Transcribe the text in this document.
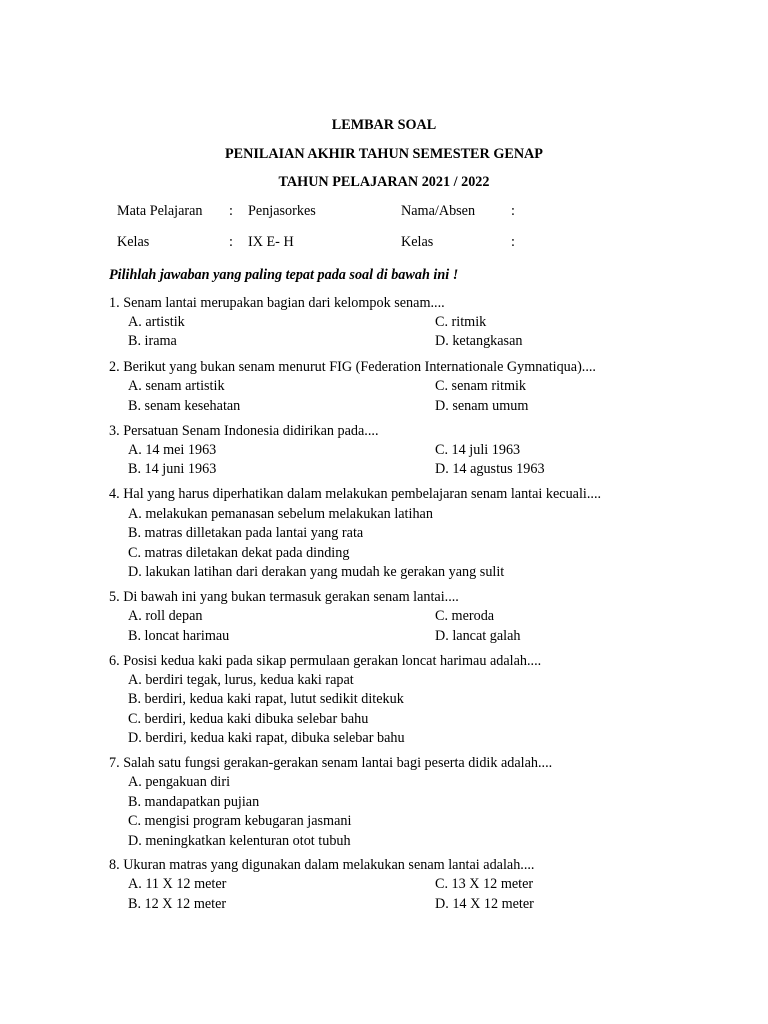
LEMBAR SOAL
PENILAIAN AKHIR TAHUN SEMESTER GENAP
TAHUN PELAJARAN 2021 / 2022
Mata Pelajaran : Penjasorkes	Nama/Absen	:
Kelas	: IX E- H	Kelas	:
Pilihlah jawaban yang paling tepat pada soal di bawah ini !
1. Senam lantai merupakan bagian dari kelompok senam....
A. artistik
B. irama
C. ritmik
D. ketangkasan
2. Berikut yang bukan senam menurut FIG (Federation Internationale Gymnatiqua)....
A. senam artistik
B. senam kesehatan
C. senam ritmik
D. senam umum
3. Persatuan Senam Indonesia didirikan pada....
A. 14 mei 1963
B. 14 juni 1963
C. 14 juli 1963
D. 14 agustus 1963
4. Hal yang harus diperhatikan dalam melakukan pembelajaran senam lantai kecuali....
A. melakukan pemanasan sebelum melakukan latihan
B. matras dilletakan pada lantai yang rata
C. matras diletakan dekat pada dinding
D. lakukan latihan dari derakan yang mudah ke gerakan yang sulit
5. Di bawah ini yang bukan termasuk gerakan senam lantai....
A. roll depan
B. loncat harimau
C. meroda
D. lancat galah
6. Posisi kedua kaki pada sikap permulaan gerakan loncat harimau adalah....
A. berdiri tegak, lurus, kedua kaki rapat
B. berdiri, kedua kaki rapat, lutut sedikit ditekuk
C. berdiri, kedua kaki dibuka selebar bahu
D. berdiri, kedua kaki rapat, dibuka selebar bahu
7. Salah satu fungsi gerakan-gerakan senam lantai bagi peserta didik adalah....
A. pengakuan diri
B. mandapatkan pujian
C. mengisi program kebugaran jasmani
D. meningkatkan kelenturan otot tubuh
8. Ukuran matras yang digunakan dalam melakukan senam lantai adalah....
A. 11 X 12 meter
B. 12 X 12 meter
C. 13 X 12 meter
D. 14 X 12 meter
